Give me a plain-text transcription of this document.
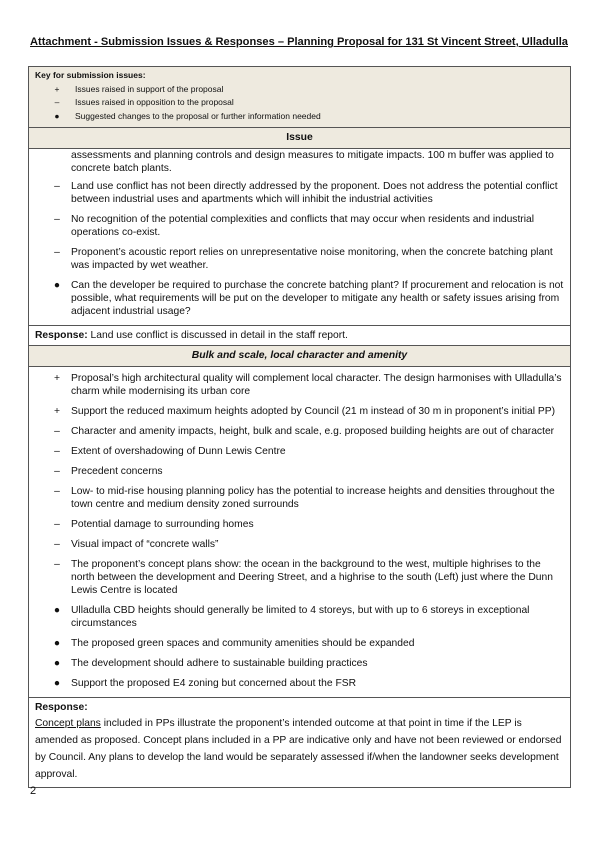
Attachment - Submission Issues & Responses – Planning Proposal for 131 St Vincent Street, Ulladulla
Key for submission issues:
+	Issues raised in support of the proposal
–	Issues raised in opposition to the proposal
●	Suggested changes to the proposal or further information needed
Issue
assessments and planning controls and design measures to mitigate impacts. 100 m buffer was applied to concrete batch plants.
–	Land use conflict has not been directly addressed by the proponent. Does not address the potential conflict between industrial uses and apartments which will inhibit the industrial activities
–	No recognition of the potential complexities and conflicts that may occur when residents and industrial operations co-exist.
–	Proponent’s acoustic report relies on unrepresentative noise monitoring, when the concrete batching plant was impacted by wet weather.
●	Can the developer be required to purchase the concrete batching plant? If procurement and relocation is not possible, what requirements will be put on the developer to mitigate any health or safety issues arising from adjacent industrial usage?
Response: Land use conflict is discussed in detail in the staff report.
Bulk and scale, local character and amenity
+	Proposal’s high architectural quality will complement local character. The design harmonises with Ulladulla’s charm while modernising its urban core
+	Support the reduced maximum heights adopted by Council (21 m instead of 30 m in proponent’s initial PP)
–	Character and amenity impacts, height, bulk and scale, e.g. proposed building heights are out of character
–	Extent of overshadowing of Dunn Lewis Centre
–	Precedent concerns
–	Low- to mid-rise housing planning policy has the potential to increase heights and densities throughout the town centre and medium density zoned surrounds
–	Potential damage to surrounding homes
–	Visual impact of “concrete walls”
–	The proponent’s concept plans show: the ocean in the background to the west, multiple highrises to the north between the development and Deering Street, and a highrise to the south (Left) just where the Dunn Lewis Centre is located
●	Ulladulla CBD heights should generally be limited to 4 storeys, but with up to 6 storeys in exceptional circumstances
●	The proposed green spaces and community amenities should be expanded
●	The development should adhere to sustainable building practices
●	Support the proposed E4 zoning but concerned about the FSR
Response:
Concept plans included in PPs illustrate the proponent’s intended outcome at that point in time if the LEP is amended as proposed. Concept plans included in a PP are indicative only and have not been reviewed or endorsed by Council. Any plans to develop the land would be separately assessed if/when the landowner seeks development approval.
2
